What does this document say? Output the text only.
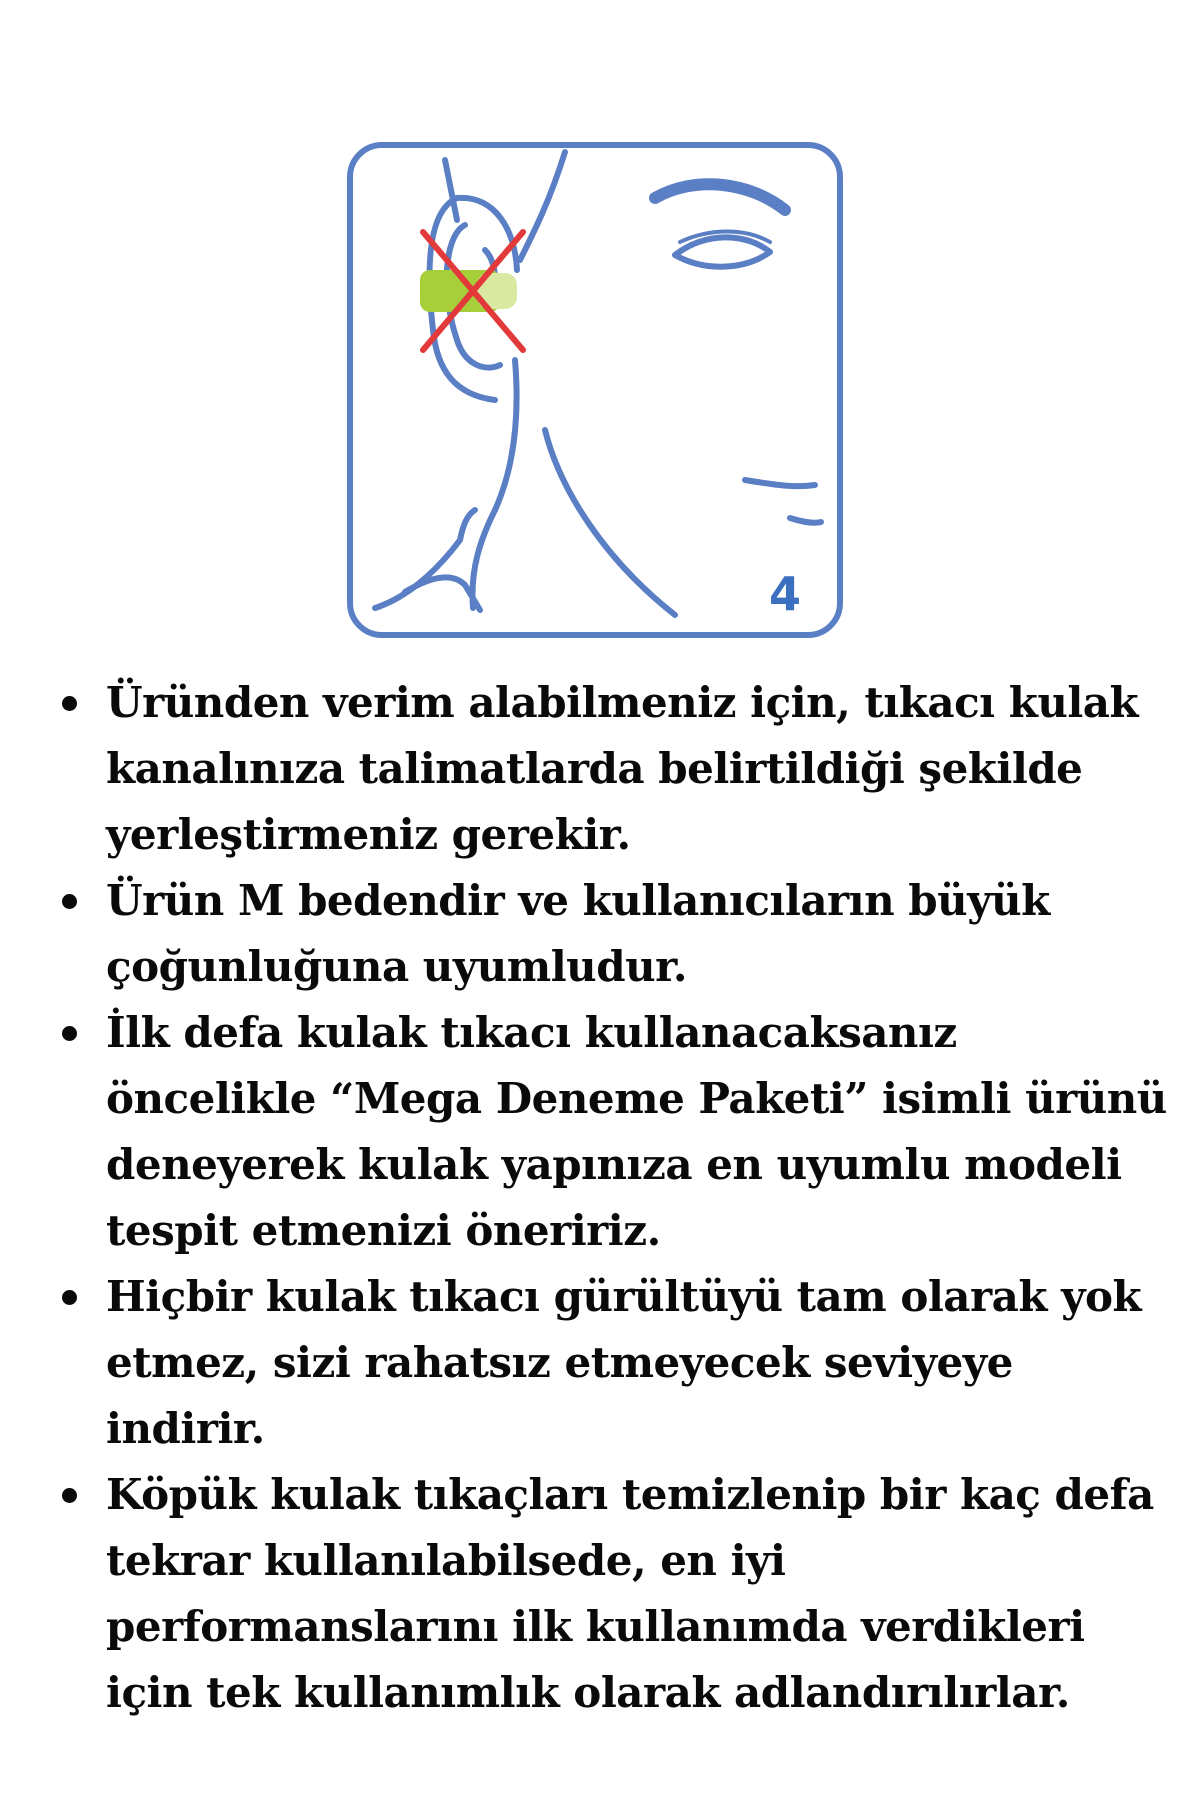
4
Üründen verim alabilmeniz için, tıkacı kulak kanalınıza talimatlarda belirtildiği şekilde yerleştirmeniz gerekir.
Ürün M bedendir ve kullanıcıların büyük çoğunluğuna uyumludur.
İlk defa kulak tıkacı kullanacaksanız öncelikle “Mega Deneme Paketi” isimli ürünü deneyerek kulak yapınıza en uyumlu modeli tespit etmenizi öneririz.
Hiçbir kulak tıkacı gürültüyü tam olarak yok etmez, sizi rahatsız etmeyecek seviyeye indirir.
Köpük kulak tıkaçları temizlenip bir kaç defa tekrar kullanılabilsede, en iyi performanslarını ilk kullanımda verdikleri için tek kullanımlık olarak adlandırılırlar.
